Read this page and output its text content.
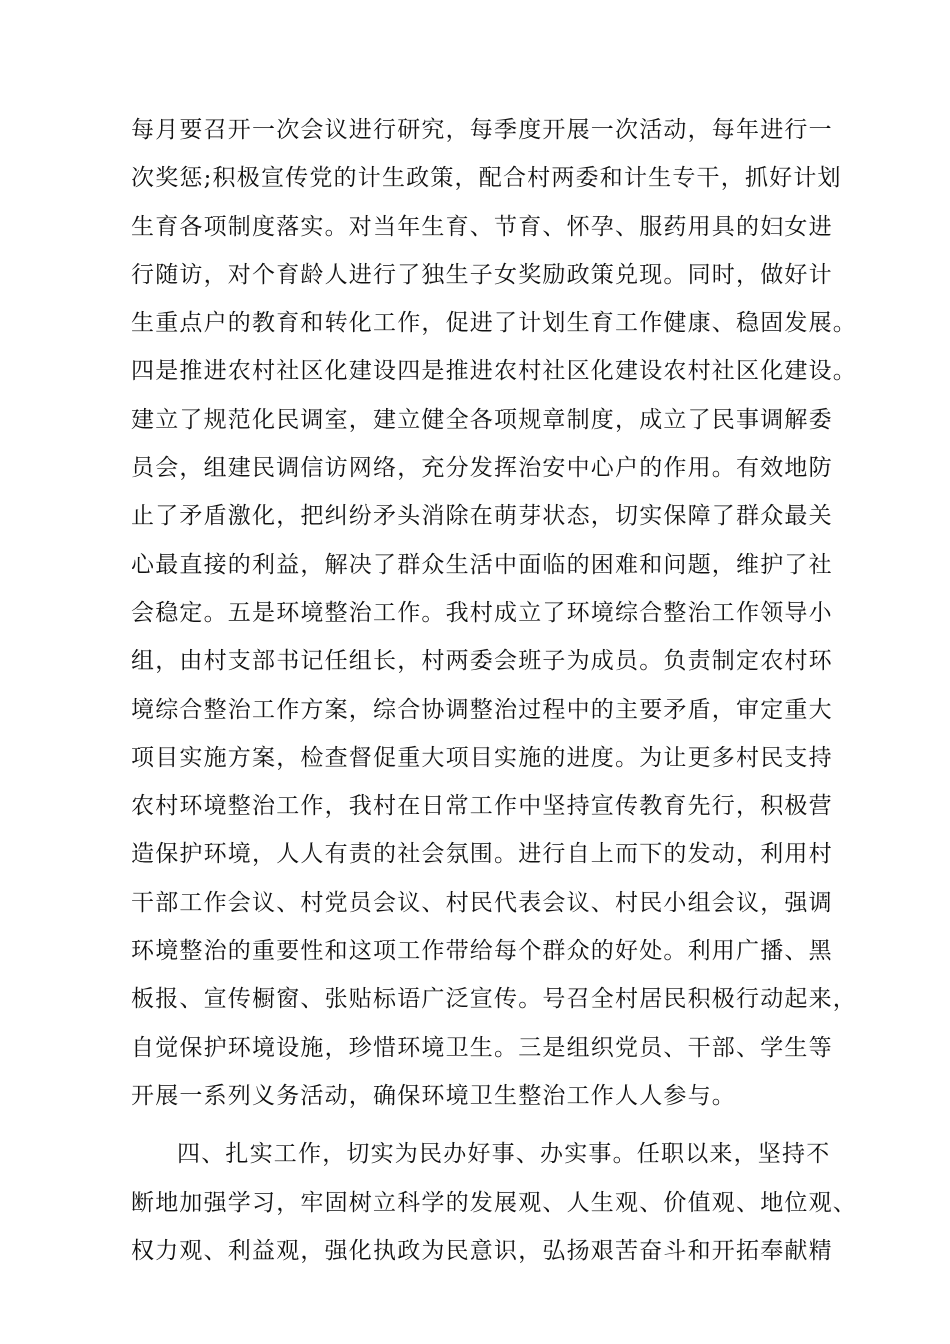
每月要召开一次会议进行研究，每季度开展一次活动，每年进行一
次奖惩;积极宣传党的计生政策，配合村两委和计生专干，抓好计划
生育各项制度落实。对当年生育、节育、怀孕、服药用具的妇女进
行随访，对个育龄人进行了独生子女奖励政策兑现。同时，做好计
生重点户的教育和转化工作，促进了计划生育工作健康、稳固发展。
四是推进农村社区化建设四是推进农村社区化建设农村社区化建设。
建立了规范化民调室，建立健全各项规章制度，成立了民事调解委
员会，组建民调信访网络，充分发挥治安中心户的作用。有效地防
止了矛盾激化，把纠纷矛头消除在萌芽状态，切实保障了群众最关
心最直接的利益，解决了群众生活中面临的困难和问题，维护了社
会稳定。五是环境整治工作。我村成立了环境综合整治工作领导小
组，由村支部书记任组长，村两委会班子为成员。负责制定农村环
境综合整治工作方案，综合协调整治过程中的主要矛盾，审定重大
项目实施方案，检查督促重大项目实施的进度。为让更多村民支持
农村环境整治工作，我村在日常工作中坚持宣传教育先行，积极营
造保护环境，人人有责的社会氛围。进行自上而下的发动，利用村
干部工作会议、村党员会议、村民代表会议、村民小组会议，强调
环境整治的重要性和这项工作带给每个群众的好处。利用广播、黑
板报、宣传橱窗、张贴标语广泛宣传。号召全村居民积极行动起来，
自觉保护环境设施，珍惜环境卫生。三是组织党员、干部、学生等
开展一系列义务活动，确保环境卫生整治工作人人参与。
四、扎实工作，切实为民办好事、办实事。任职以来，坚持不
断地加强学习，牢固树立科学的发展观、人生观、价值观、地位观、
权力观、利益观，强化执政为民意识，弘扬艰苦奋斗和开拓奉献精
